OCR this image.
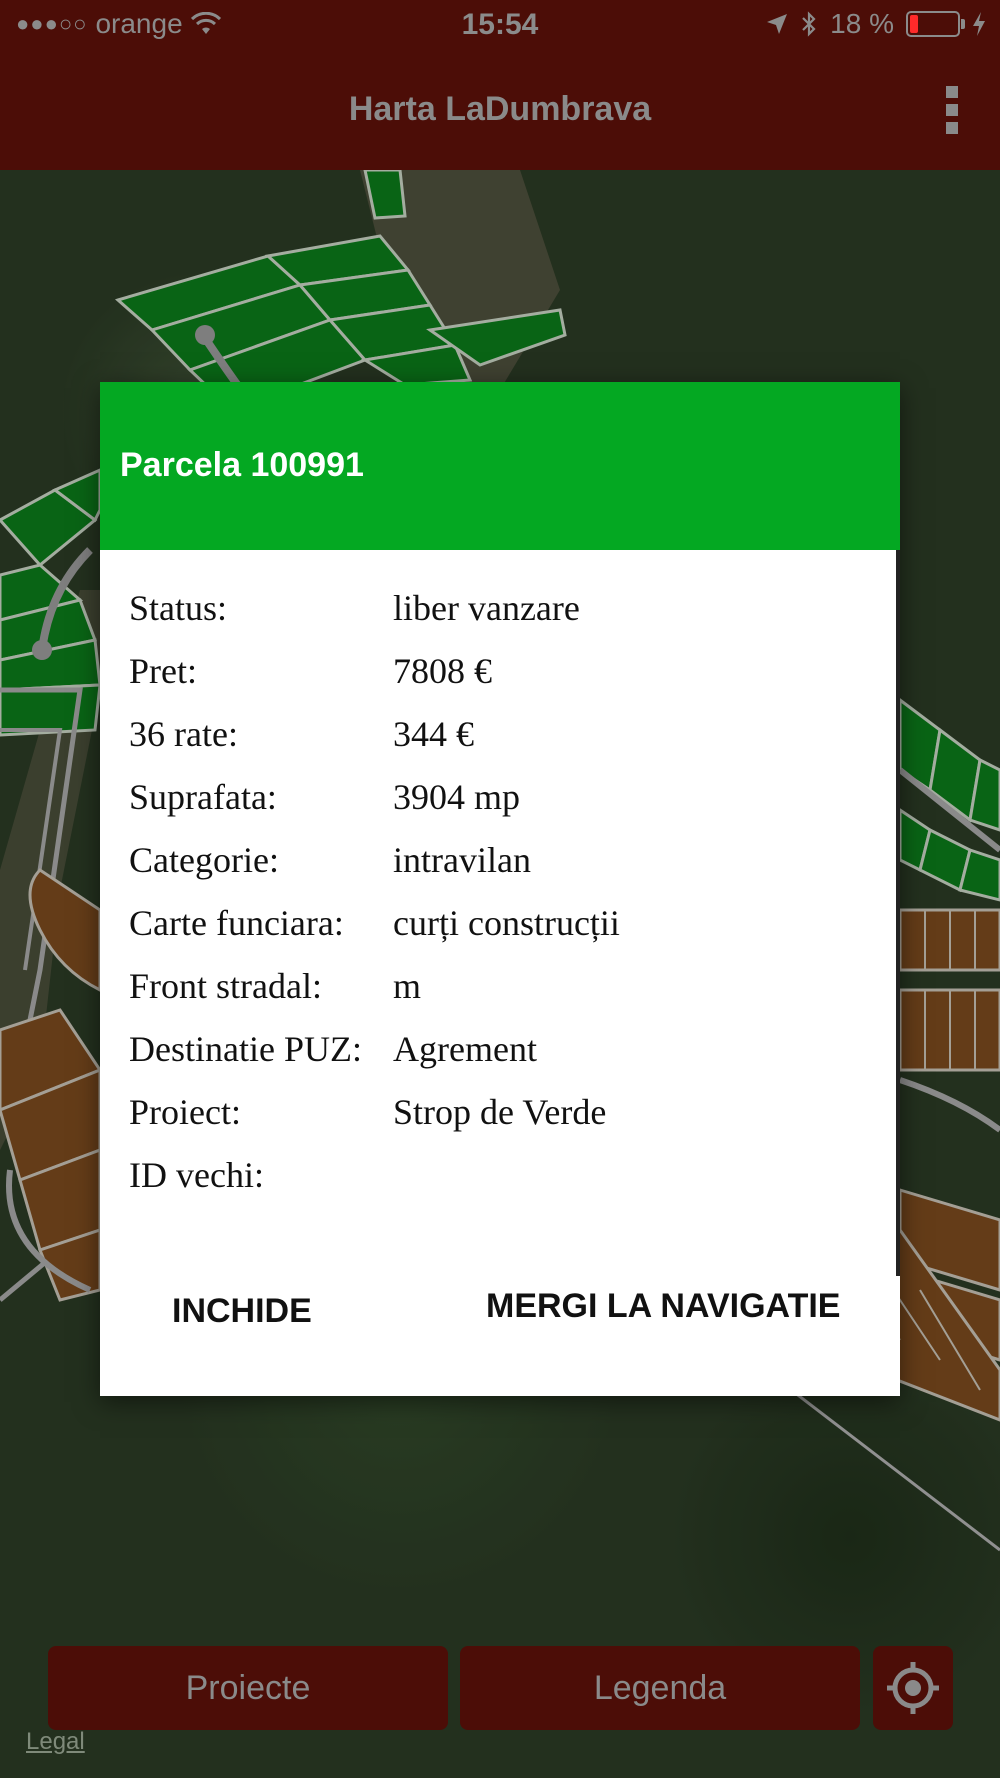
●●●○○ orange	15:54	18 %
Harta LaDumbrava
Parcela 100991
Status:	liber vanzare
Pret:	7808 €
36 rate:	344 €
Suprafata:	3904 mp
Categorie:	intravilan
Carte funciara:	curți construcții
Front stradal:	m
Destinatie PUZ: Agrement
Proiect:	Strop de Verde
ID vechi:
INCHIDE	MERGI LA NAVIGATIE
Proiecte	Legenda
Legal
